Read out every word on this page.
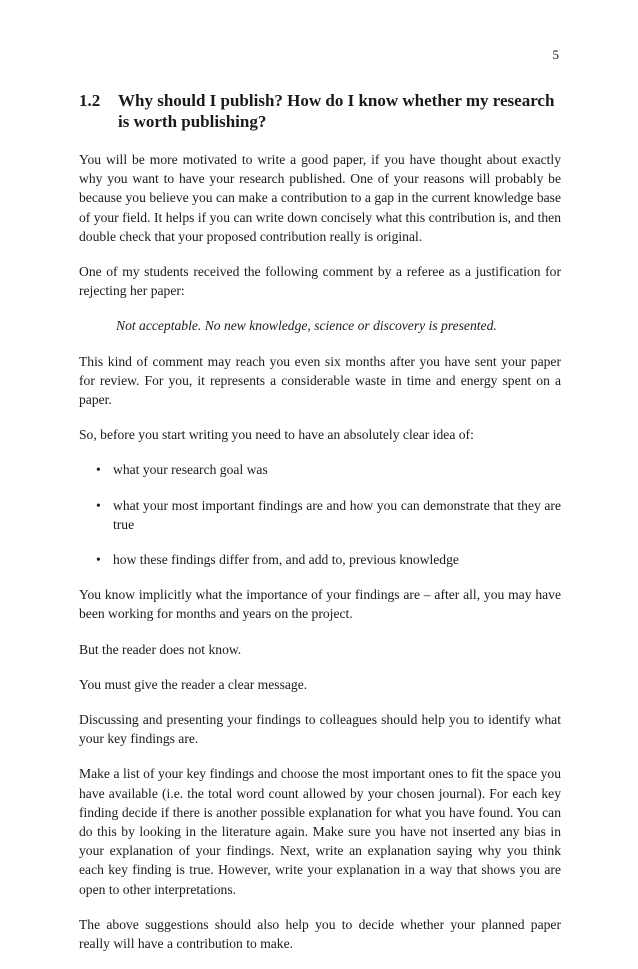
5
1.2	Why should I publish? How do I know whether my research is worth publishing?

You will be more motivated to write a good paper, if you have thought about exactly why you want to have your research published. One of your reasons will probably be because you believe you can make a contribution to a gap in the current knowledge base of your field. It helps if you can write down concisely what this contribution is, and then double check that your proposed contribution really is original.

One of my students received the following comment by a referee as a justification for rejecting her paper:

Not acceptable. No new knowledge, science or discovery is presented.

This kind of comment may reach you even six months after you have sent your paper for review. For you, it represents a considerable waste in time and energy spent on a paper.

So, before you start writing you need to have an absolutely clear idea of:

• what your research goal was
• what your most important findings are and how you can demonstrate that they are true
• how these findings differ from, and add to, previous knowledge

You know implicitly what the importance of your findings are – after all, you may have been working for months and years on the project.

But the reader does not know.

You must give the reader a clear message.

Discussing and presenting your findings to colleagues should help you to identify what your key findings are.

Make a list of your key findings and choose the most important ones to fit the space you have available (i.e. the total word count allowed by your chosen journal). For each key finding decide if there is another possible explanation for what you have found. You can do this by looking in the literature again. Make sure you have not inserted any bias in your explanation of your findings. Next, write an explanation saying why you think each key finding is true. However, write your explanation in a way that shows you are open to other interpretations.

The above suggestions should also help you to decide whether your planned paper really will have a contribution to make.
